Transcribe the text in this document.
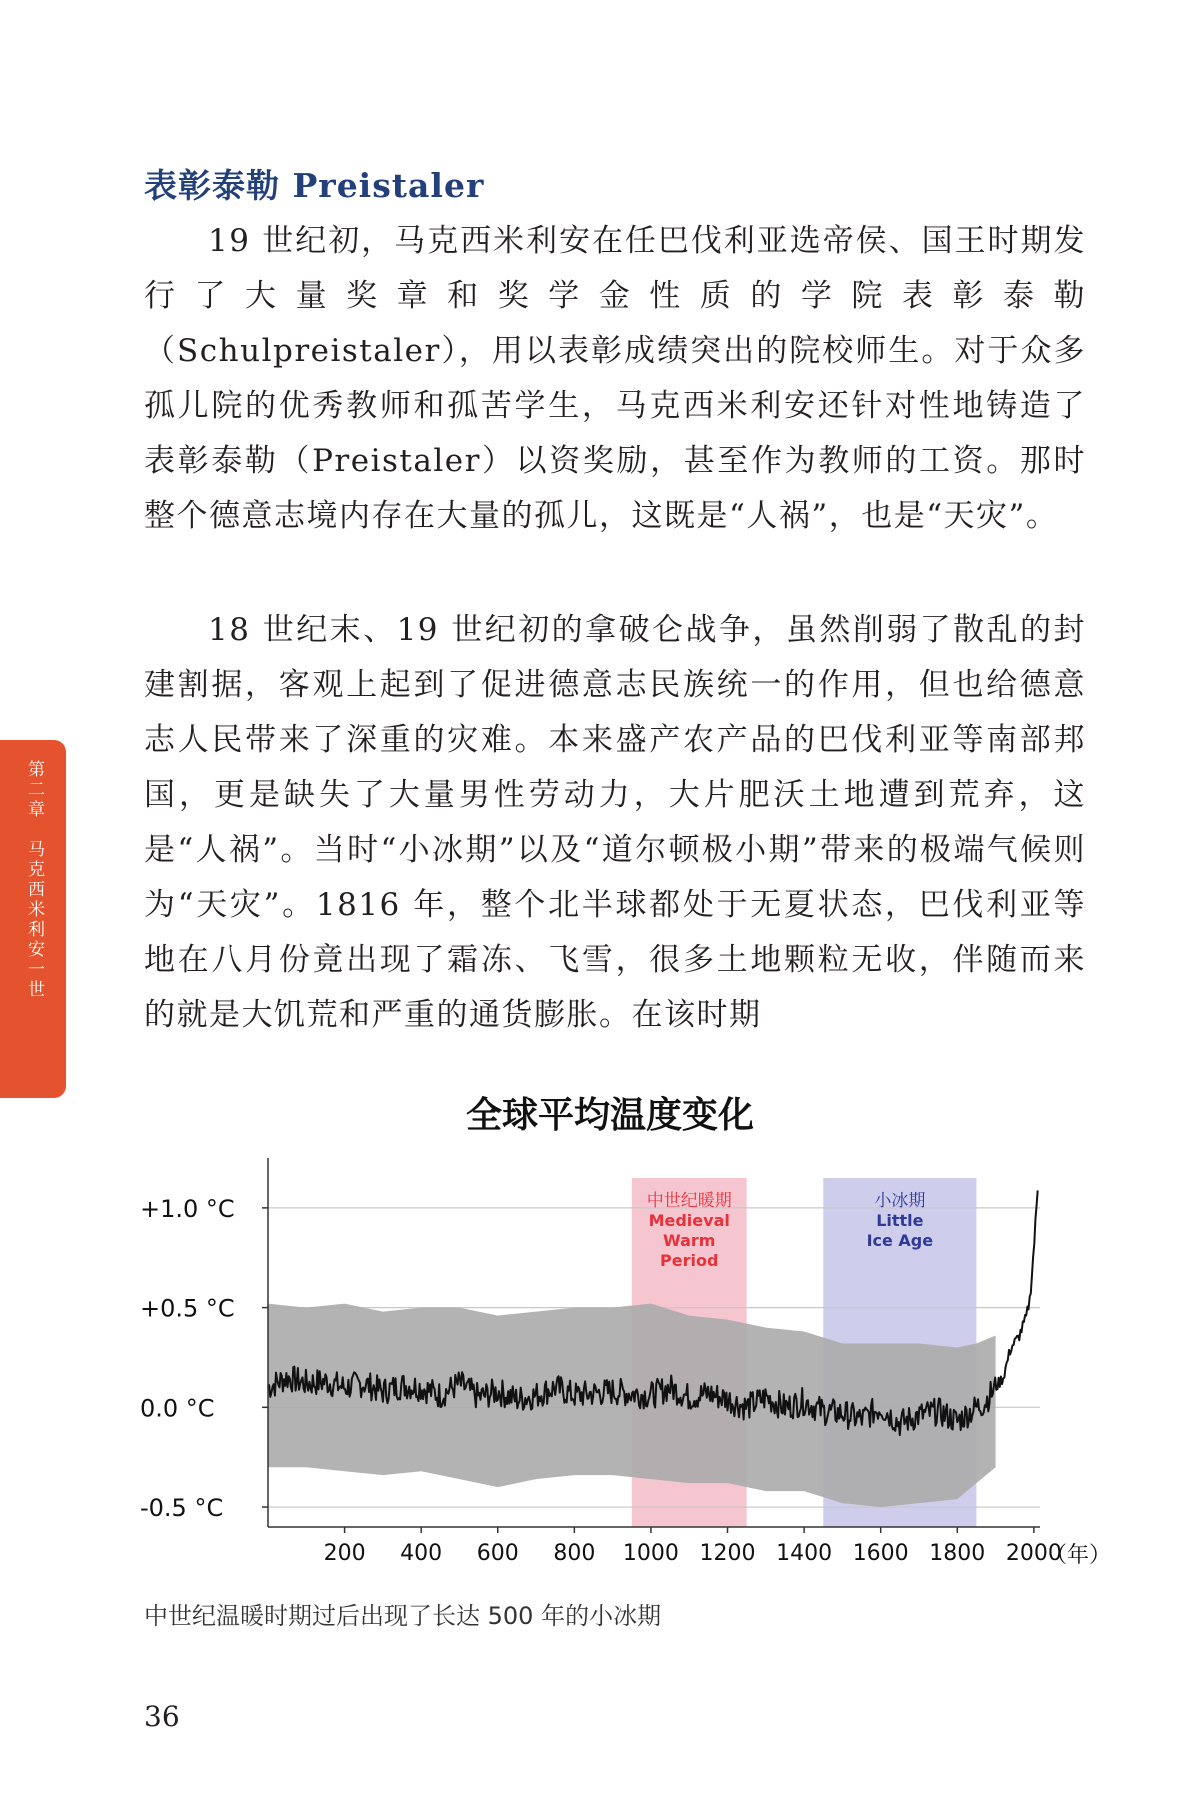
表彰泰勒 Preistaler

19 世纪初，马克西米利安在任巴伐利亚选帝侯、国王时期发行了大量奖章和奖学金性质的学院表彰泰勒（Schulpreistaler），用以表彰成绩突出的院校师生。对于众多孤儿院的优秀教师和孤苦学生，马克西米利安还针对性地铸造了表彰泰勒（Preistaler）以资奖励，甚至作为教师的工资。那时整个德意志境内存在大量的孤儿，这既是“人祸”，也是“天灾”。

18 世纪末、19 世纪初的拿破仑战争，虽然削弱了散乱的封建割据，客观上起到了促进德意志民族统一的作用，但也给德意志人民带来了深重的灾难。本来盛产农产品的巴伐利亚等南部邦国，更是缺失了大量男性劳动力，大片肥沃土地遭到荒弃，这是“人祸”。当时“小冰期”以及“道尔顿极小期”带来的极端气候则为“天灾”。1816 年，整个北半球都处于无夏状态，巴伐利亚等地在八月份竟出现了霜冻、飞雪，很多土地颗粒无收，伴随而来的就是大饥荒和严重的通货膨胀。在该时期

第二章　马克西米利安一世
全球平均温度变化
中世纪暖期
Medieval
Warm
Period
小冰期
Little
Ice Age
+1.0 °C
+0.5 °C
0.0 °C
-0.5 °C
200 400 600 800 1000 1200 1400 1600 1800 2000
（年）

中世纪温暖时期过后出现了长达 500 年的小冰期

36
